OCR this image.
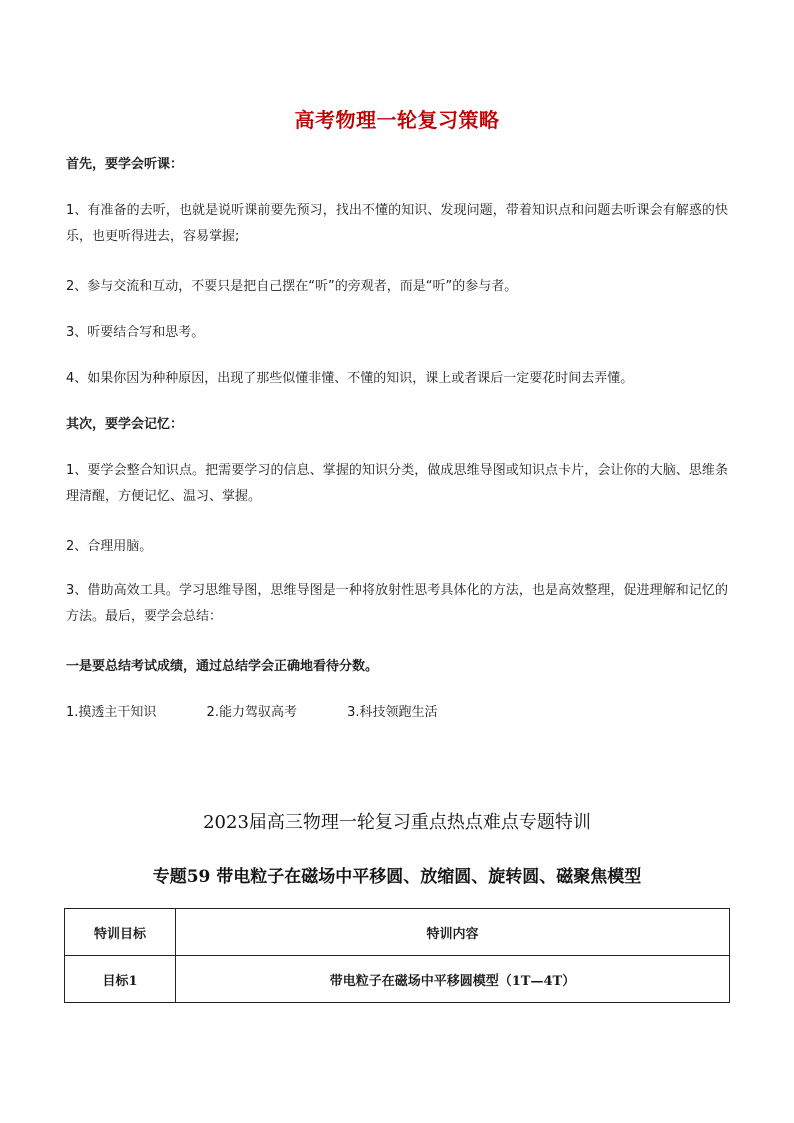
高考物理一轮复习策略

首先，要学会听课：

1、有准备的去听，也就是说听课前要先预习，找出不懂的知识、发现问题，带着知识点和问题去听课会有解惑的快乐，也更听得进去，容易掌握;

2、参与交流和互动，不要只是把自己摆在“听”的旁观者，而是“听”的参与者。

3、听要结合写和思考。

4、如果你因为种种原因，出现了那些似懂非懂、不懂的知识，课上或者课后一定要花时间去弄懂。

其次，要学会记忆：

1、要学会整合知识点。把需要学习的信息、掌握的知识分类，做成思维导图或知识点卡片，会让你的大脑、思维条理清醒，方便记忆、温习、掌握。

2、合理用脑。

3、借助高效工具。学习思维导图，思维导图是一种将放射性思考具体化的方法，也是高效整理，促进理解和记忆的方法。最后，要学会总结：

一是要总结考试成绩，通过总结学会正确地看待分数。

1.摸透主干知识	2.能力驾驭高考	3.科技领跑生活
2023届高三物理一轮复习重点热点难点专题特训
专题59 带电粒子在磁场中平移圆、放缩圆、旋转圆、磁聚焦模型
特训目标	特训内容
目标1	带电粒子在磁场中平移圆模型（1T—4T）
